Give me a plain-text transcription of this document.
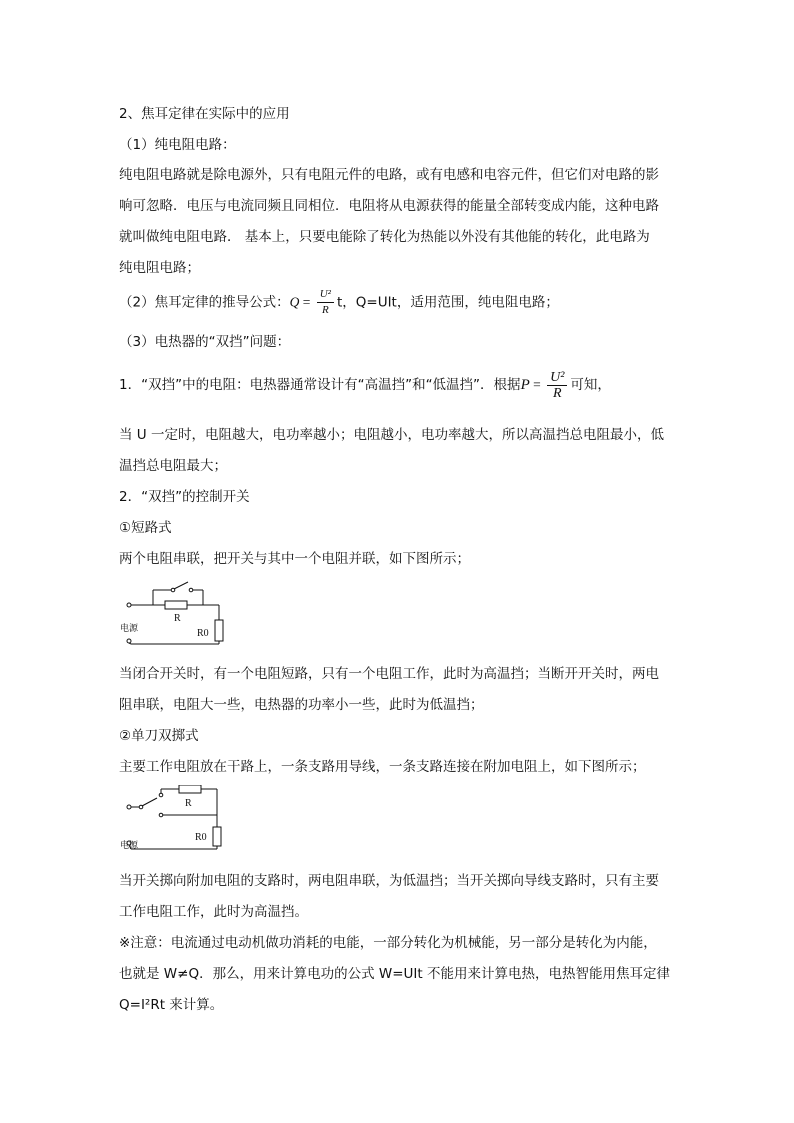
2、焦耳定律在实际中的应用
（1）纯电阻电路：
纯电阻电路就是除电源外，只有电阻元件的电路，或有电感和电容元件，但它们对电路的影
响可忽略．电压与电流同频且同相位．电阻将从电源获得的能量全部转变成内能，这种电路
就叫做纯电阻电路． 基本上，只要电能除了转化为热能以外没有其他能的转化，此电路为
纯电阻电路；
（2）焦耳定律的推导公式：$Q = \frac{\text{U²}}{R}$ t，Q=UIt，适用范围，纯电阻电路；
（3）电热器的“双挡”问题：
1．“双挡”中的电阻：电热器通常设计有“高温挡”和“低温挡”．根据$P = \frac{\text{U²}}{R}$ 可知，
当 U 一定时，电阻越大，电功率越小；电阻越小，电功率越大，所以高温挡总电阻最小，低
温挡总电阻最大；
2．“双挡”的控制开关
①短路式
两个电阻串联，把开关与其中一个电阻并联，如下图所示；
R
R0
电源
当闭合开关时，有一个电阻短路，只有一个电阻工作，此时为高温挡；当断开开关时，两电
阻串联，电阻大一些，电热器的功率小一些，此时为低温挡；
②单刀双掷式
主要工作电阻放在干路上，一条支路用导线，一条支路连接在附加电阻上，如下图所示；
R
R0
电源
当开关掷向附加电阻的支路时，两电阻串联，为低温挡；当开关掷向导线支路时，只有主要
工作电阻工作，此时为高温挡。
※注意：电流通过电动机做功消耗的电能，一部分转化为机械能，另一部分是转化为内能，
也就是 W≠Q．那么，用来计算电功的公式 W=UIt 不能用来计算电热，电热智能用焦耳定律
Q=I²Rt 来计算。
